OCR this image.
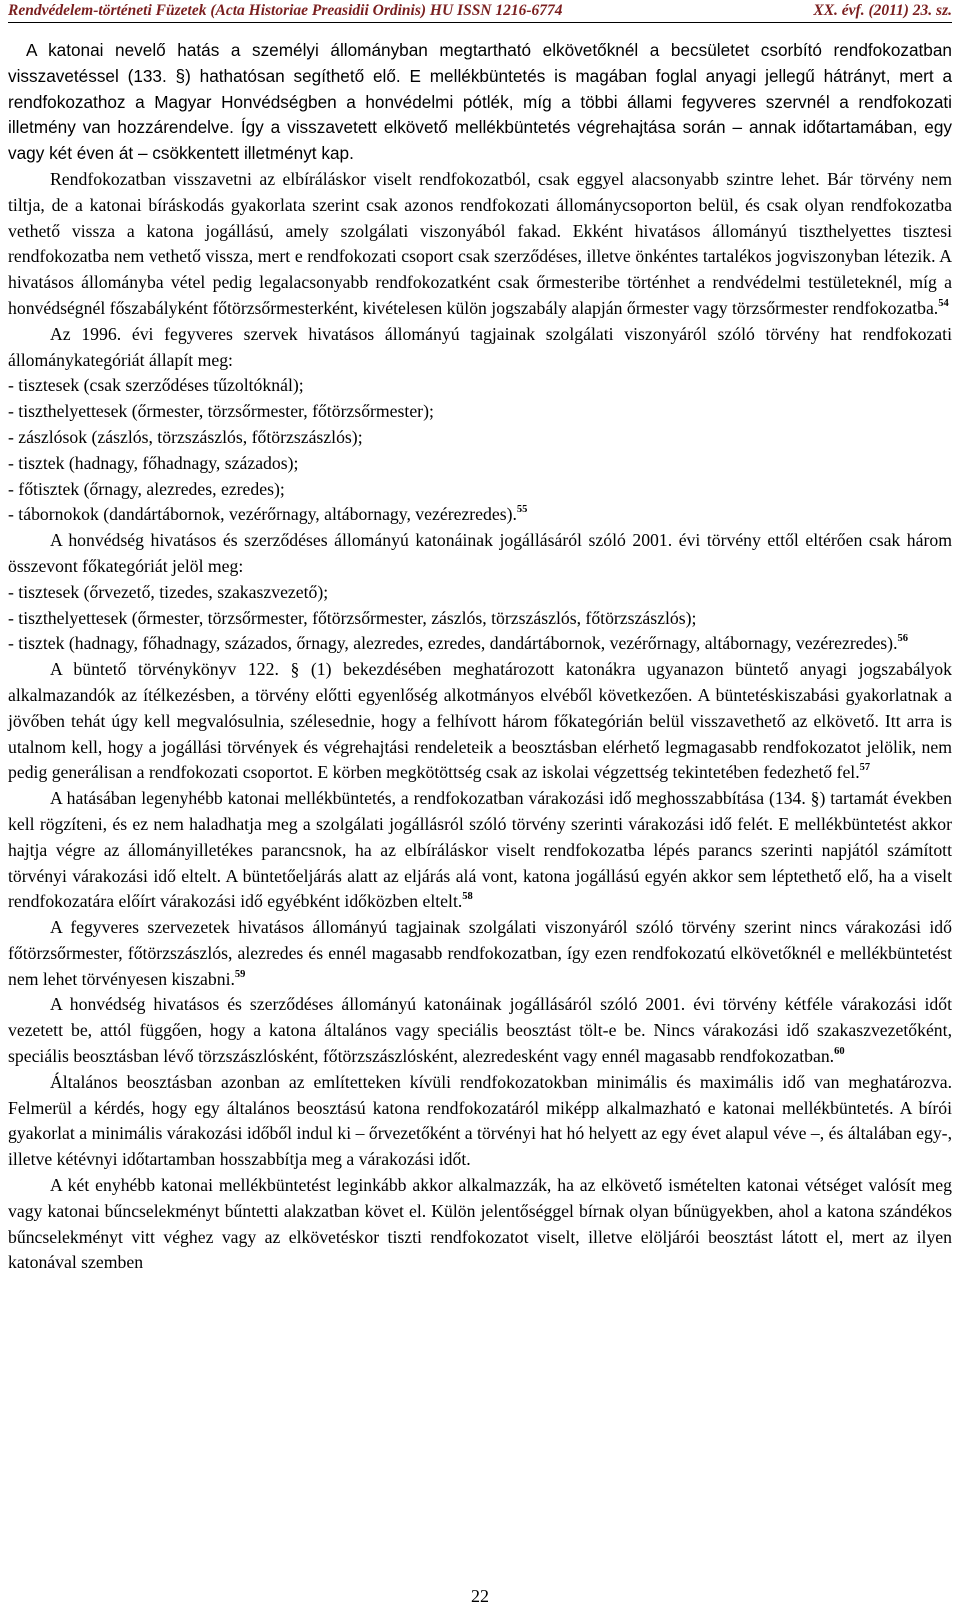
Rendvédelem-történeti Füzetek (Acta Historiae Preasidii Ordinis) HU ISSN 1216-6774	XX. évf. (2011) 23. sz.

A katonai nevelő hatás a személyi állományban megtartható elkövetőknél a becsületet csorbító rendfokozatban visszavetéssel (133. §) hathatósan segíthető elő. E mellékbüntetés is magában foglal anyagi jellegű hátrányt, mert a rendfokozathoz a Magyar Honvédségben a honvédelmi pótlék, míg a többi állami fegyveres szervnél a rendfokozati illetmény van hozzárendelve. Így a visszavetett elkövető mellékbüntetés végrehajtása során – annak időtartamában, egy vagy két éven át – csökkentett illetményt kap.

Rendfokozatban visszavetni az elbíráláskor viselt rendfokozatból, csak eggyel alacsonyabb szintre lehet. Bár törvény nem tiltja, de a katonai bíráskodás gyakorlata szerint csak azonos rendfokozati állománycsoporton belül, és csak olyan rendfokozatba vethető vissza a katona jogállású, amely szolgálati viszonyából fakad. Ekként hivatásos állományú tiszthelyettes tisztesi rendfokozatba nem vethető vissza, mert e rendfokozati csoport csak szerződéses, illetve önkéntes tartalékos jogviszonyban létezik. A hivatásos állományba vétel pedig legalacsonyabb rendfokozatként csak őrmesteribe történhet a rendvédelmi testületeknél, míg a honvédségnél főszabályként főtörzsőrmesterként, kivételesen külön jogszabály alapján őrmester vagy törzsőrmester rendfokozatba.$^{54}$

Az 1996. évi fegyveres szervek hivatásos állományú tagjainak szolgálati viszonyáról szóló törvény hat rendfokozati állománykategóriát állapít meg:

- tisztesek (csak szerződéses tűzoltóknál);
- tiszthelyettesek (őrmester, törzsőrmester, főtörzsőrmester);
- zászlósok (zászlós, törzszászlós, főtörzszászlós);
- tisztek (hadnagy, főhadnagy, százados);
- főtisztek (őrnagy, alezredes, ezredes);
- tábornokok (dandártábornok, vezérőrnagy, altábornagy, vezérezredes).$^{55}$

A honvédség hivatásos és szerződéses állományú katonáinak jogállásáról szóló 2001. évi törvény ettől eltérően csak három összevont főkategóriát jelöl meg:

- tisztesek (őrvezető, tizedes, szakaszvezető);
- tiszthelyettesek (őrmester, törzsőrmester, főtörzsőrmester, zászlós, törzszászlós, főtörzszászlós);
- tisztek (hadnagy, főhadnagy, százados, őrnagy, alezredes, ezredes, dandártábornok, vezérőrnagy, altábornagy, vezérezredes).$^{56}$

A büntető törvénykönyv 122. § (1) bekezdésében meghatározott katonákra ugyanazon büntető anyagi jogszabályok alkalmazandók az ítélkezésben, a törvény előtti egyenlőség alkotmányos elvéből következően. A büntetéskiszabási gyakorlatnak a jövőben tehát úgy kell megvalósulnia, szélesednie, hogy a felhívott három főkategórián belül visszavethető az elkövető. Itt arra is utalnom kell, hogy a jogállási törvények és végrehajtási rendeleteik a beosztásban elérhető legmagasabb rendfokozatot jelölik, nem pedig generálisan a rendfokozati csoportot. E körben megkötöttség csak az iskolai végzettség tekintetében fedezhető fel.$^{57}$

A hatásában legenyhébb katonai mellékbüntetés, a rendfokozatban várakozási idő meghosszabbítása (134. §) tartamát években kell rögzíteni, és ez nem haladhatja meg a szolgálati jogállásról szóló törvény szerinti várakozási idő felét. E mellékbüntetést akkor hajtja végre az állományilletékes parancsnok, ha az elbíráláskor viselt rendfokozatba lépés parancs szerinti napjától számított törvényi várakozási idő eltelt. A büntetőeljárás alatt az eljárás alá vont, katona jogállású egyén akkor sem léptethető elő, ha a viselt rendfokozatára előírt várakozási idő egyébként időközben eltelt.$^{58}$

A fegyveres szervezetek hivatásos állományú tagjainak szolgálati viszonyáról szóló törvény szerint nincs várakozási idő főtörzsőrmester, főtörzszászlós, alezredes és ennél magasabb rendfokozatban, így ezen rendfokozatú elkövetőknél e mellékbüntetést nem lehet törvényesen kiszabni.$^{59}$

A honvédség hivatásos és szerződéses állományú katonáinak jogállásáról szóló 2001. évi törvény kétféle várakozási időt vezetett be, attól függően, hogy a katona általános vagy speciális beosztást tölt-e be. Nincs várakozási idő szakaszvezetőként, speciális beosztásban lévő törzszászlósként, főtörzszászlósként, alezredesként vagy ennél magasabb rendfokozatban.$^{60}$

Általános beosztásban azonban az említetteken kívüli rendfokozatokban minimális és maximális idő van meghatározva. Felmerül a kérdés, hogy egy általános beosztású katona rendfokozatáról miképp alkalmazható e katonai mellékbüntetés. A bírói gyakorlat a minimális várakozási időből indul ki – őrvezetőként a törvényi hat hó helyett az egy évet alapul véve –, és általában egy-, illetve kétévnyi időtartamban hosszabbítja meg a várakozási időt.

A két enyhébb katonai mellékbüntetést leginkább akkor alkalmazzák, ha az elkövető ismételten katonai vétséget valósít meg vagy katonai bűncselekményt bűntetti alakzatban követ el. Külön jelentőséggel bírnak olyan bűnügyekben, ahol a katona szándékos bűncselekményt vitt véghez vagy az elkövetéskor tiszti rendfokozatot viselt, illetve elöljárói beosztást látott el, mert az ilyen katonával szemben

22
